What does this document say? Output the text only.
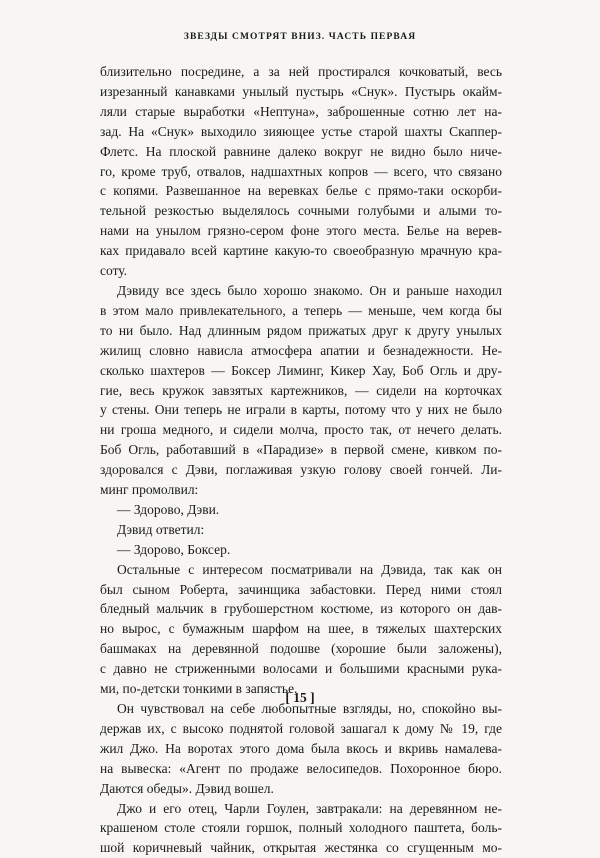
ЗВЕЗДЫ СМОТРЯТ ВНИЗ. ЧАСТЬ ПЕРВАЯ
близительно посредине, а за ней простирался кочковатый, весь
изрезанный канавками унылый пустырь «Снук». Пустырь окайм-
ляли старые выработки «Нептуна», заброшенные сотню лет на-
зад. На «Снук» выходило зияющее устье старой шахты Скаппер-
Флетс. На плоской равнине далеко вокруг не видно было ниче-
го, кроме труб, отвалов, надшахтных копров — всего, что связано
с копями. Развешанное на веревках белье с прямо-таки оскорби-
тельной резкостью выделялось сочными голубыми и алыми то-
нами на унылом грязно-сером фоне этого места. Белье на верев-
ках придавало всей картине какую-то своеобразную мрачную кра-
соту.
Дэвиду все здесь было хорошо знакомо. Он и раньше находил
в этом мало привлекательного, а теперь — меньше, чем когда бы
то ни было. Над длинным рядом прижатых друг к другу унылых
жилищ словно нависла атмосфера апатии и безнадежности. Не-
сколько шахтеров — Боксер Лиминг, Кикер Хау, Боб Огль и дру-
гие, весь кружок завзятых картежников, — сидели на корточках
у стены. Они теперь не играли в карты, потому что у них не было
ни гроша медного, и сидели молча, просто так, от нечего делать.
Боб Огль, работавший в «Парадизе» в первой смене, кивком по-
здоровался с Дэви, поглаживая узкую голову своей гончей. Ли-
минг промолвил:
— Здорово, Дэви.
Дэвид ответил:
— Здорово, Боксер.
Остальные с интересом посматривали на Дэвида, так как он
был сыном Роберта, зачинщика забастовки. Перед ними стоял
бледный мальчик в грубошерстном костюме, из которого он дав-
но вырос, с бумажным шарфом на шее, в тяжелых шахтерских
башмаках на деревянной подошве (хорошие были заложены),
с давно не стриженными волосами и большими красными рука-
ми, по-детски тонкими в запястье.
Он чувствовал на себе любопытные взгляды, но, спокойно вы-
держав их, с высоко поднятой головой зашагал к дому № 19, где
жил Джо. На воротах этого дома была вкось и вкривь намалева-
на вывеска: «Агент по продаже велосипедов. Похоронное бюро.
Даются обеды». Дэвид вошел.
Джо и его отец, Чарли Гоулен, завтракали: на деревянном не-
крашеном столе стояли горшок, полный холодного паштета, боль-
шой коричневый чайник, открытая жестянка со сгущенным мо-
[ 15 ]
